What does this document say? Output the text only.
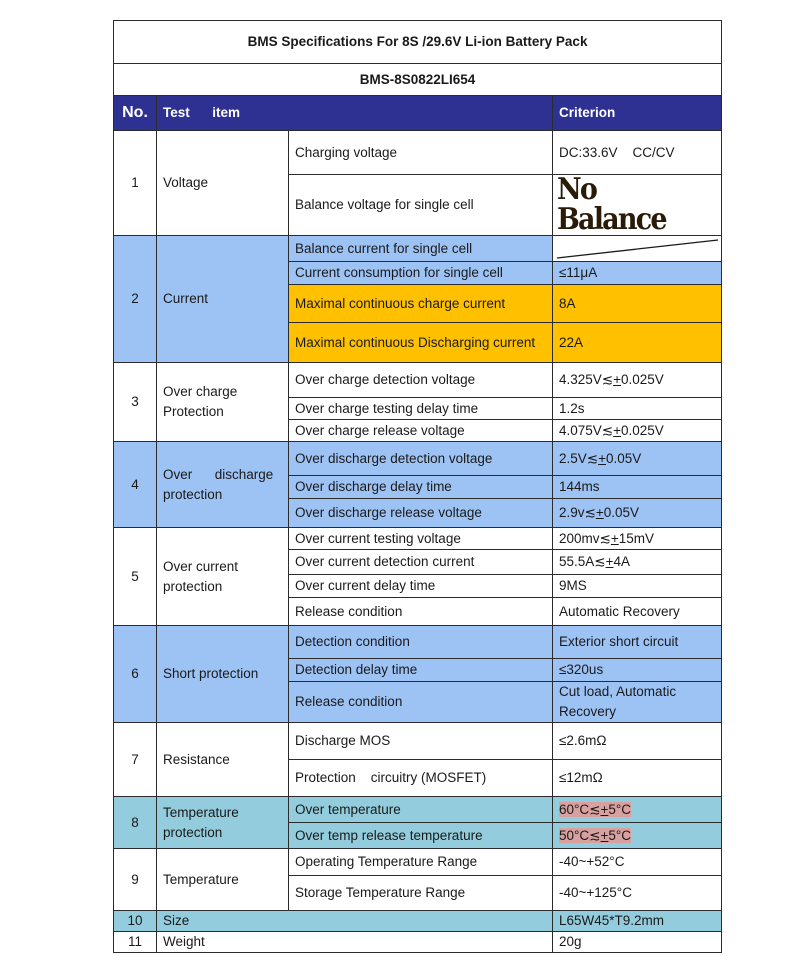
BMS Specifications For 8S /29.6V Li-ion Battery Pack			
BMS-8S0822LI654			
No.	Test      item		Criterion
1	Voltage	Charging voltage	DC:33.6V    CC/CV
		Balance voltage for single cell	No Balance
2	Current	Balance current for single cell	

		Current consumption for single cell	≤11μA
		Maximal continuous charge current	8A
		Maximal continuous Discharging current	22A
3	Over charge
Protection	Over charge detection voltage	4.325V≲+0.025V
		Over charge testing delay time	1.2s
		Over charge release voltage	4.075V≲+0.025V
4	Over      discharge
protection	Over discharge detection voltage	2.5V≲+0.05V
		Over discharge delay time	144ms
		Over discharge release voltage	2.9v≲+0.05V
5	Over current
protection	Over current testing voltage	200mv≲+15mV
		Over current detection current	55.5A≲+4A
		Over current delay time	9MS
		Release condition	Automatic Recovery
6	Short protection	Detection condition	Exterior short circuit
		Detection delay time	≤320us
		Release condition	Cut load, Automatic
Recovery

7	Resistance	Discharge MOS	≤2.6mΩ
		Protection    circuitry (MOSFET)	≤12mΩ
8	Temperature
protection	Over temperature	60°C≲+5°C
		Over temp release temperature	50°C≲+5°C
9	Temperature	Operating Temperature Range	-40~+52°C
		Storage Temperature Range	-40~+125°C
10	Size		L65W45*T9.2mm
11	Weight		20g
